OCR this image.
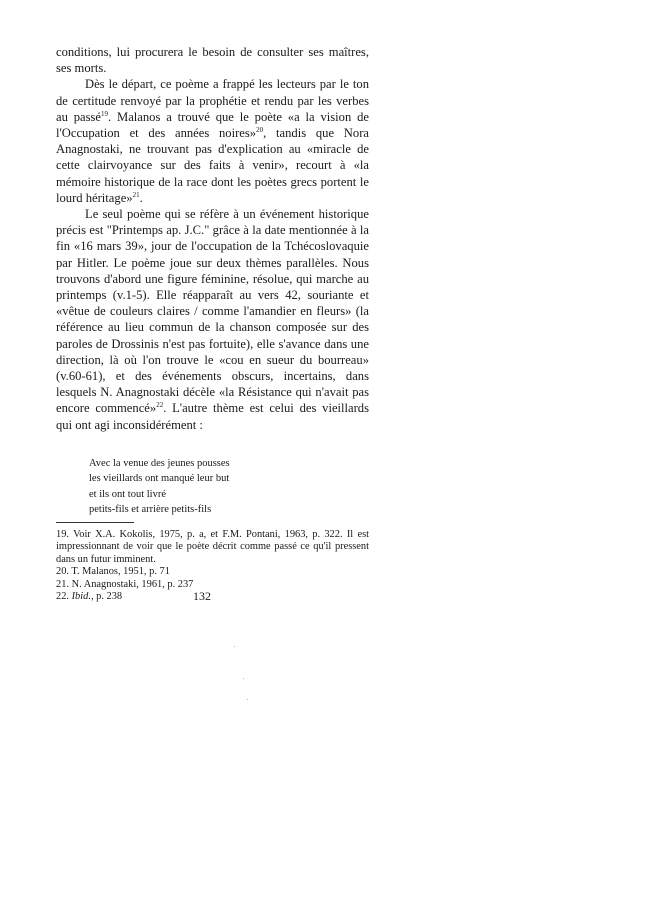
conditions, lui procurera le besoin de consulter ses maîtres, ses morts.

Dès le départ, ce poème a frappé les lecteurs par le ton de certitude renvoyé par la prophétie et rendu par les verbes au passé$^{19}$. Malanos a trouvé que le poète «a la vision de l'Occupation et des années noires»$^{20}$, tandis que Nora Anagnostaki, ne trouvant pas d'explication au «miracle de cette clairvoyance sur des faits à venir», recourt à «la mémoire historique de la race dont les poètes grecs portent le lourd héritage»$^{21}$.

Le seul poème qui se réfère à un événement historique précis est "Printemps ap. J.C." grâce à la date mentionnée à la fin «16 mars 39», jour de l'occupation de la Tchécoslovaquie par Hitler. Le poème joue sur deux thèmes parallèles. Nous trouvons d'abord une figure féminine, résolue, qui marche au printemps (v.1-5). Elle réapparaît au vers 42, souriante et «vêtue de couleurs claires / comme l'amandier en fleurs» (la référence au lieu commun de la chanson composée sur des paroles de Drossinis n'est pas fortuite), elle s'avance dans une direction, là où l'on trouve le «cou en sueur du bourreau» (v.60-61), et des événements obscurs, incertains, dans lesquels N. Anagnostaki décèle «la Résistance qui n'avait pas encore commencé»$^{22}$. L'autre thème est celui des vieillards qui ont agi inconsidérément :

Avec la venue des jeunes pousses
les vieillards ont manqué leur but
et ils ont tout livré
petits-fils et arrière petits-fils

19. Voir X.A. Kokolis, 1975, p. a, et F.M. Pontani, 1963, p. 322. Il est impressionnant de voir que le poète décrit comme passé ce qu'il pressent dans un futur imminent.

20. T. Malanos, 1951, p. 71

21. N. Anagnostaki, 1961, p. 237

22. Ibid., p. 238	132
